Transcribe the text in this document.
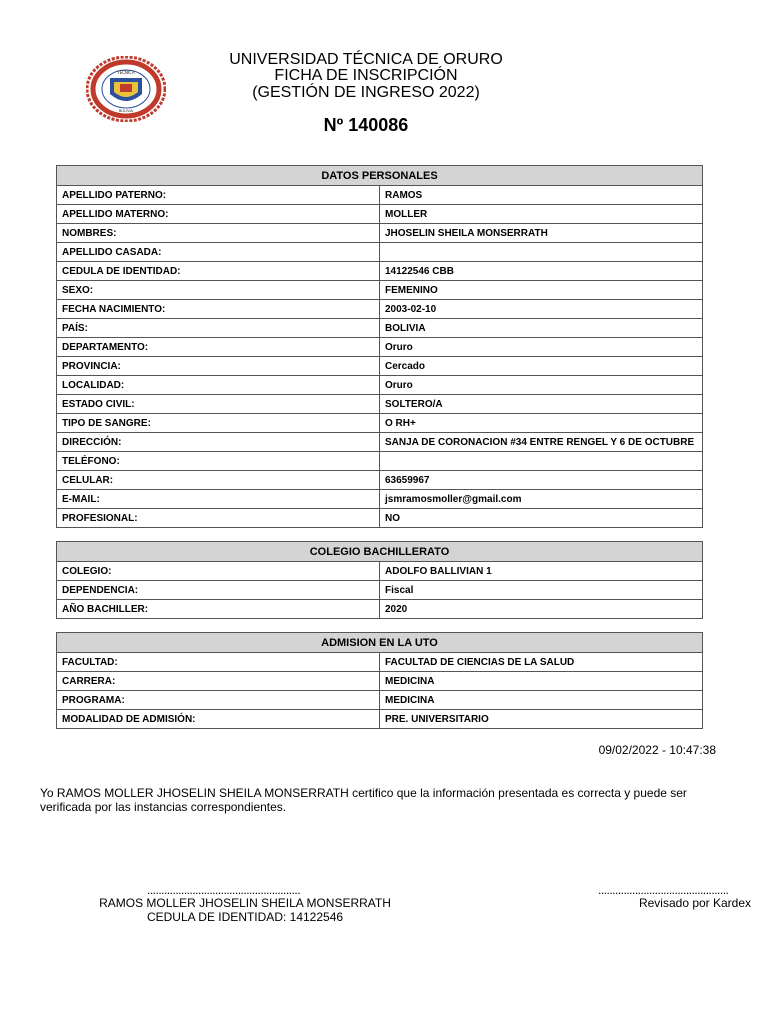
TÉCNICA
BOLIVIA
UNIVERSIDAD TÉCNICA DE ORURO
FICHA DE INSCRIPCIÓN
(GESTIÓN DE INGRESO 2022)
Nº 140086
DATOS PERSONALES	
APELLIDO PATERNO:	RAMOS
APELLIDO MATERNO:	MOLLER
NOMBRES:	JHOSELIN SHEILA MONSERRATH
APELLIDO CASADA:	
CEDULA DE IDENTIDAD:	14122546 CBB
SEXO:	FEMENINO
FECHA NACIMIENTO:	2003-02-10
PAÍS:	BOLIVIA
DEPARTAMENTO:	Oruro
PROVINCIA:	Cercado
LOCALIDAD:	Oruro
ESTADO CIVIL:	SOLTERO/A
TIPO DE SANGRE:	O RH+
DIRECCIÓN:	SANJA DE CORONACION #34 ENTRE RENGEL Y 6 DE OCTUBRE
TELÉFONO:	
CELULAR:	63659967
E-MAIL:	jsmramosmoller@gmail.com
PROFESIONAL:	NO
COLEGIO BACHILLERATO	
COLEGIO:	ADOLFO BALLIVIAN 1
DEPENDENCIA:	Fiscal
AÑO BACHILLER:	2020
ADMISION EN LA UTO	
FACULTAD:	FACULTAD DE CIENCIAS DE LA SALUD
CARRERA:	MEDICINA
PROGRAMA:	MEDICINA
MODALIDAD DE ADMISIÓN:	PRE. UNIVERSITARIO
09/02/2022 - 10:47:38
Yo RAMOS MOLLER JHOSELIN SHEILA MONSERRATH certifico que la información presentada es correcta y puede ser verificada por las instancias correspondientes.
......................................................
RAMOS MOLLER JHOSELIN SHEILA MONSERRATH
CEDULA DE IDENTIDAD: 14122546
..............................................
Revisado por Kardex
